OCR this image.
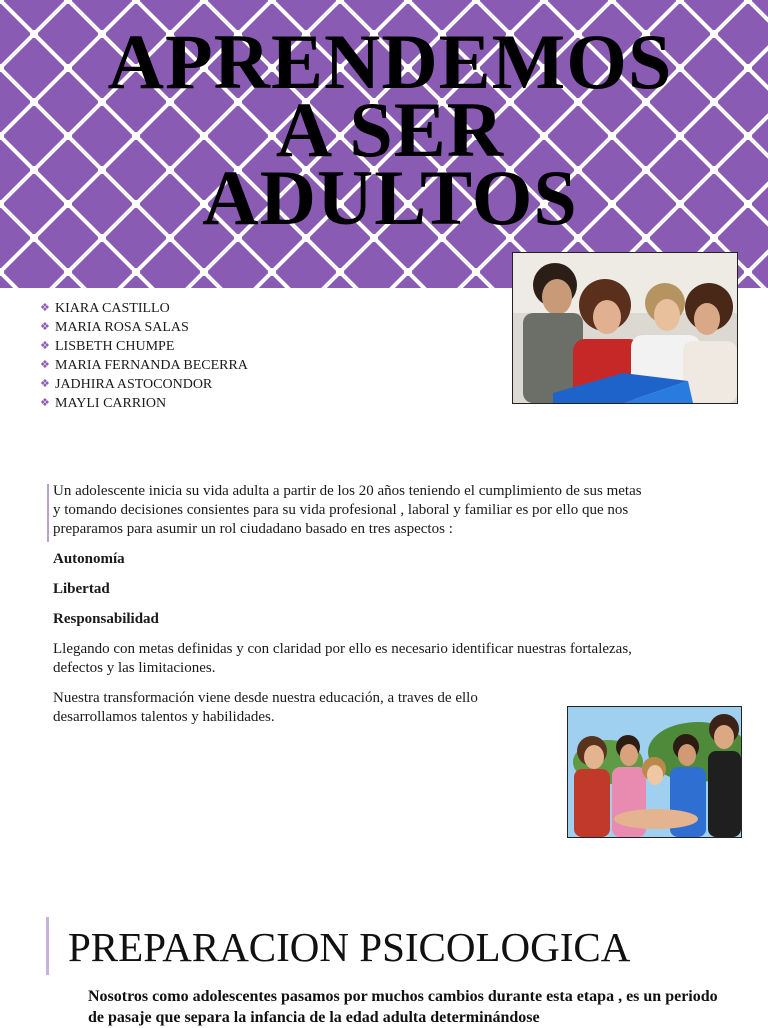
APRENDEMOS
A SER
ADULTOS
❖ KIARA CASTILLO
❖ MARIA ROSA SALAS
❖ LISBETH CHUMPE
❖ MARIA FERNANDA BECERRA
❖ JADHIRA ASTOCONDOR
❖ MAYLI CARRION

Un adolescente inicia su vida adulta a partir de los 20 años teniendo el cumplimiento de sus metas y tomando decisiones consientes para su vida profesional , laboral y familiar es por ello que nos preparamos para asumir un rol ciudadano basado en tres aspectos :

Autonomía

Libertad

Responsabilidad

Llegando con metas definidas y con claridad por ello es necesario identificar nuestras fortalezas, defectos y las limitaciones.

Nuestra transformación viene desde nuestra educación, a traves de ello desarrollamos talentos y habilidades.

PREPARACION PSICOLOGICA

Nosotros como adolescentes pasamos por muchos cambios durante esta etapa , es un periodo de pasaje que separa la infancia de la edad adulta determinándose
